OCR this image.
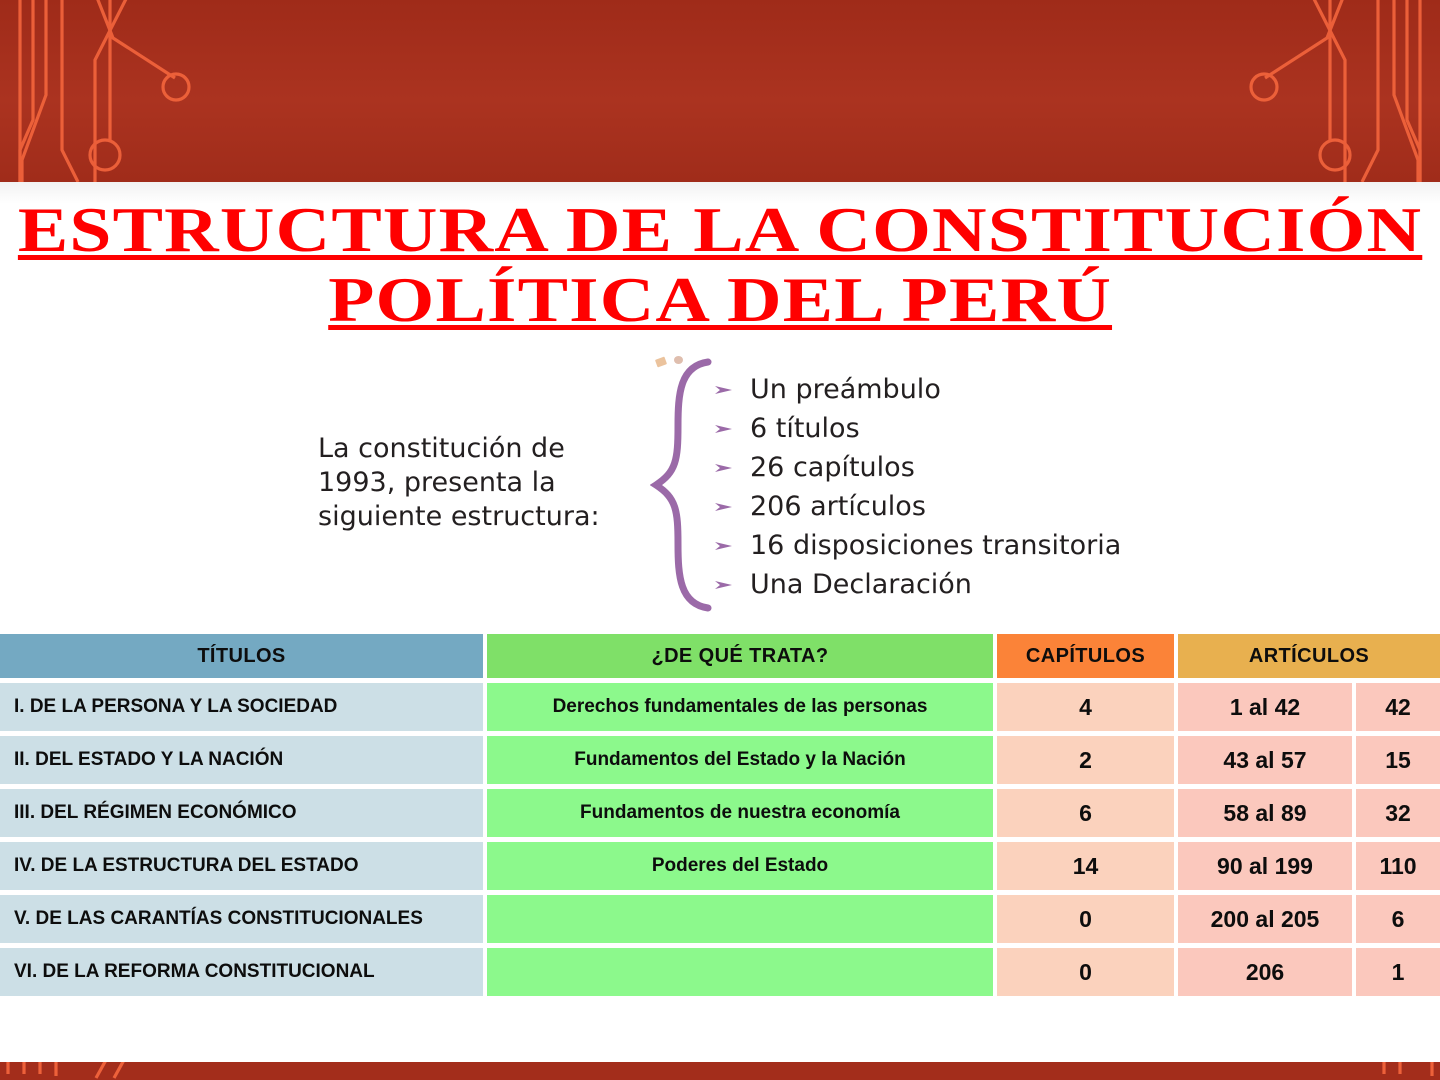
ESTRUCTURA DE LA CONSTITUCIÓN POLÍTICA DEL PERÚ
La constitución de 1993, presenta la siguiente estructura:
Un preámbulo
6 títulos
26 capítulos
206 artículos
16 disposiciones transitoria
Una Declaración
TÍTULOS		¿DE QUÉ TRATA?		CAPÍTULOS		ARTÍCULOS		

I. DE LA PERSONA Y LA SOCIEDAD		Derechos fundamentales de las personas		4		1 al 42		42

II. DEL ESTADO Y LA NACIÓN		Fundamentos del Estado y la Nación		2		43 al 57		15

III. DEL RÉGIMEN ECONÓMICO		Fundamentos de nuestra economía		6		58 al 89		32

IV. DE LA ESTRUCTURA DEL ESTADO		Poderes del Estado		14		90 al 199		110

V. DE LAS CARANTÍAS CONSTITUCIONALES				0		200 al 205		6

VI. DE LA REFORMA CONSTITUCIONAL				0		206		1
